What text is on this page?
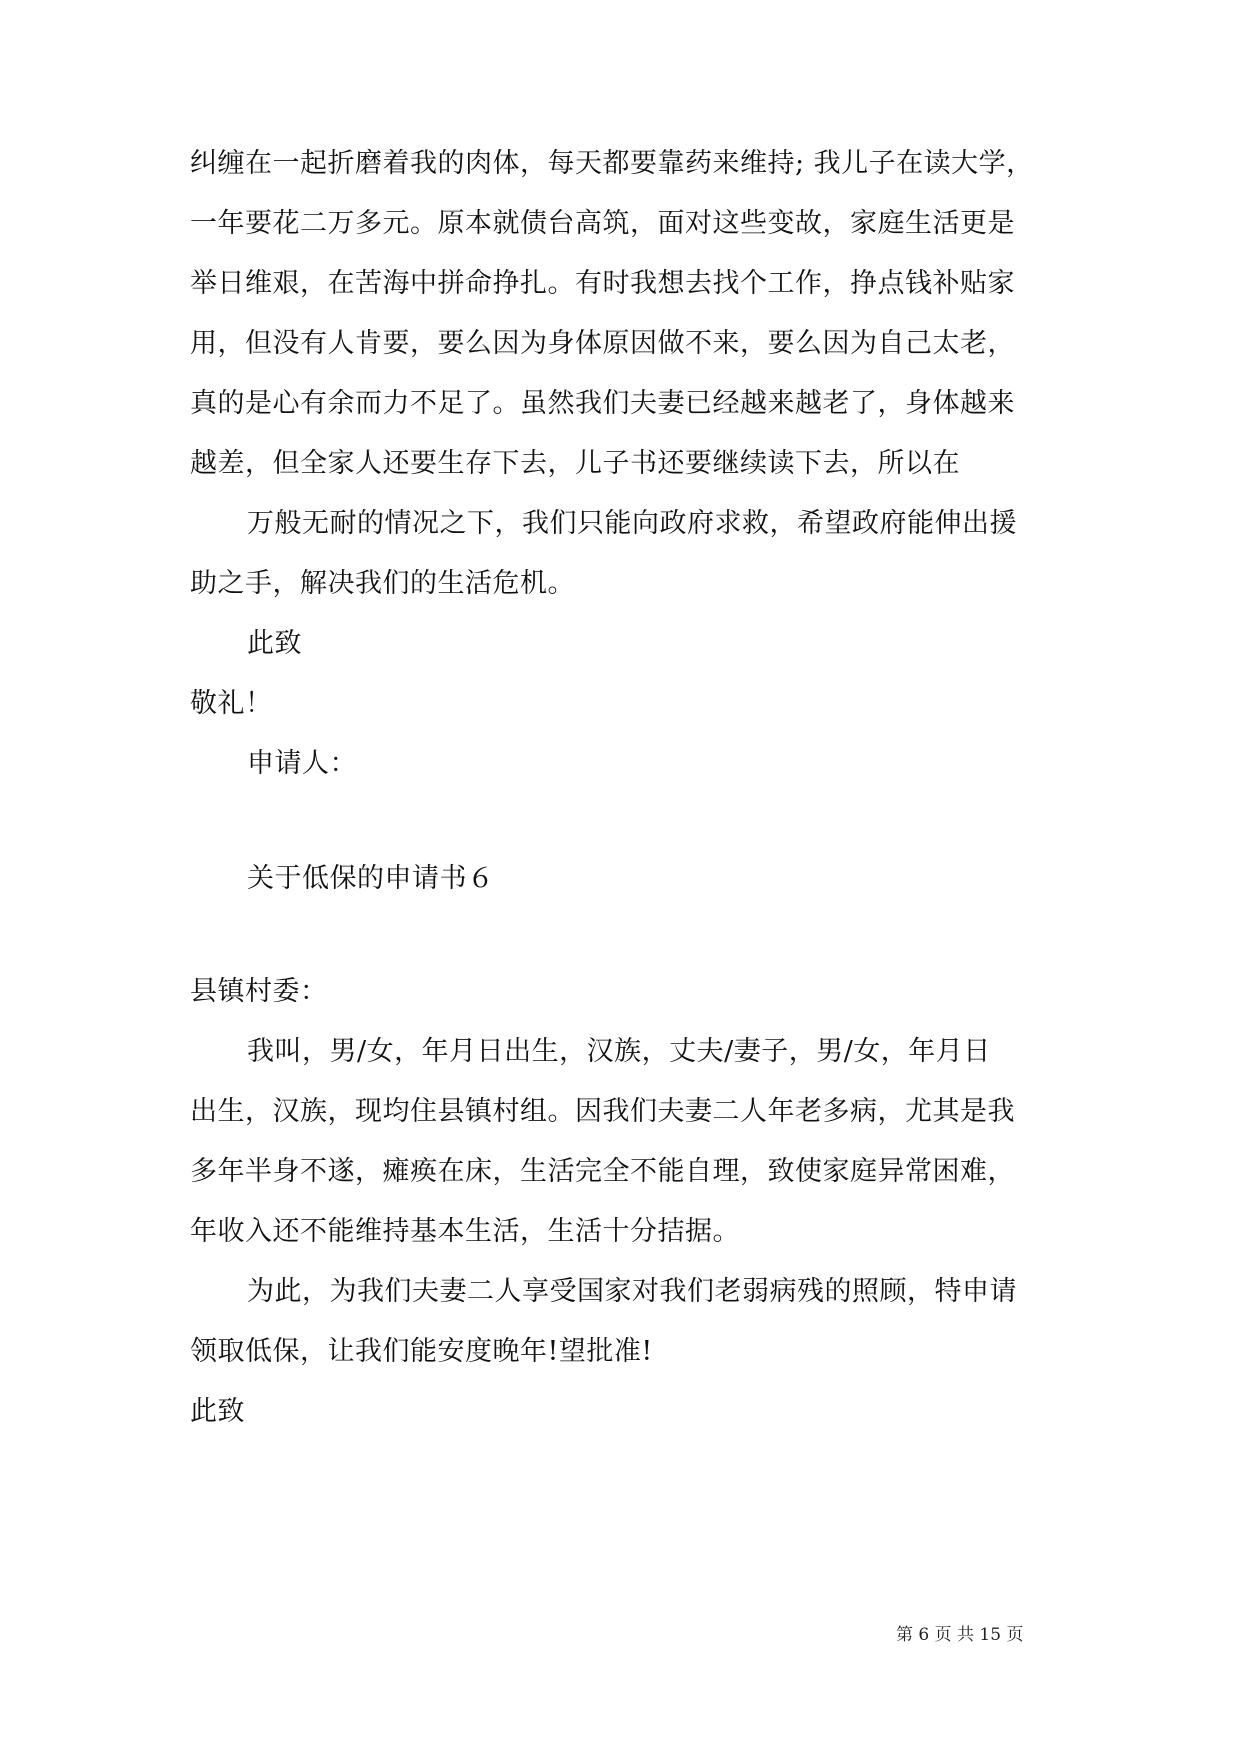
纠缠在一起折磨着我的肉体，每天都要靠药来维持; 我儿子在读大学，
一年要花二万多元。原本就债台高筑，面对这些变故，家庭生活更是
举日维艰，在苦海中拼命挣扎。有时我想去找个工作，挣点钱补贴家
用，但没有人肯要，要么因为身体原因做不来，要么因为自己太老，
真的是心有余而力不足了。虽然我们夫妻已经越来越老了，身体越来
越差，但全家人还要生存下去，儿子书还要继续读下去，所以在
万般无耐的情况之下，我们只能向政府求救，希望政府能伸出援
助之手，解决我们的生活危机。
此致
敬礼！
申请人：
关于低保的申请书６
县镇村委：
我叫，男/女，年月日出生，汉族，丈夫/妻子，男/女，年月日
出生，汉族，现均住县镇村组。因我们夫妻二人年老多病，尤其是我
多年半身不遂，瘫痪在床，生活完全不能自理，致使家庭异常困难，
年收入还不能维持基本生活，生活十分拮据。
为此，为我们夫妻二人享受国家对我们老弱病残的照顾，特申请
领取低保，让我们能安度晚年!望批准!
此致
第 6 页 共 15 页
